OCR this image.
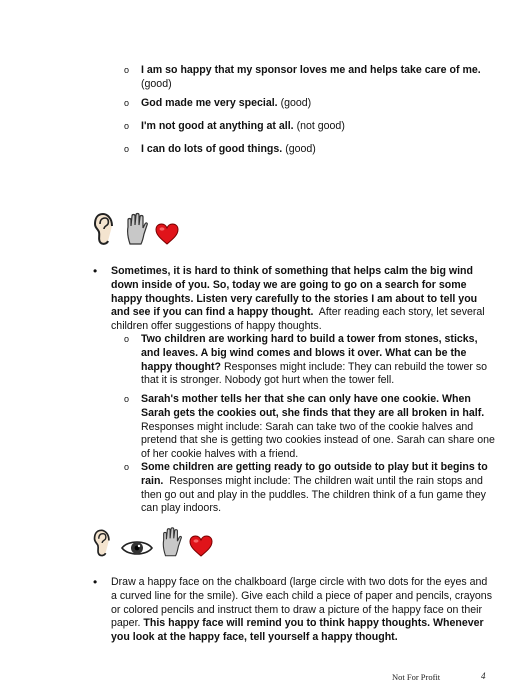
o I am so happy that my sponsor loves me and helps take care of me.
(good)
o God made me very special. (good)
o I'm not good at anything at all. (not good)
o I can do lots of good things. (good)
• Sometimes, it is hard to think of something that helps calm the big wind down inside of you. So, today we are going to go on a search for some happy thoughts. Listen very carefully to the stories I am about to tell you and see if you can find a happy thought. After reading each story, let several children offer suggestions of happy thoughts.
o Two children are working hard to build a tower from stones, sticks, and leaves. A big wind comes and blows it over. What can be the happy thought? Responses might include: They can rebuild the tower so that it is stronger. Nobody got hurt when the tower fell.
o Sarah's mother tells her that she can only have one cookie. When Sarah gets the cookies out, she finds that they are all broken in half. Responses might include: Sarah can take two of the cookie halves and pretend that she is getting two cookies instead of one. Sarah can share one of her cookie halves with a friend.
o Some children are getting ready to go outside to play but it begins to rain. Responses might include: The children wait until the rain stops and then go out and play in the puddles. The children think of a fun game they can play indoors.
• Draw a happy face on the chalkboard (large circle with two dots for the eyes and a curved line for the smile). Give each child a piece of paper and pencils, crayons or colored pencils and instruct them to draw a picture of the happy face on their paper. This happy face will remind you to think happy thoughts. Whenever you look at the happy face, tell yourself a happy thought.
Not For Profit	4
